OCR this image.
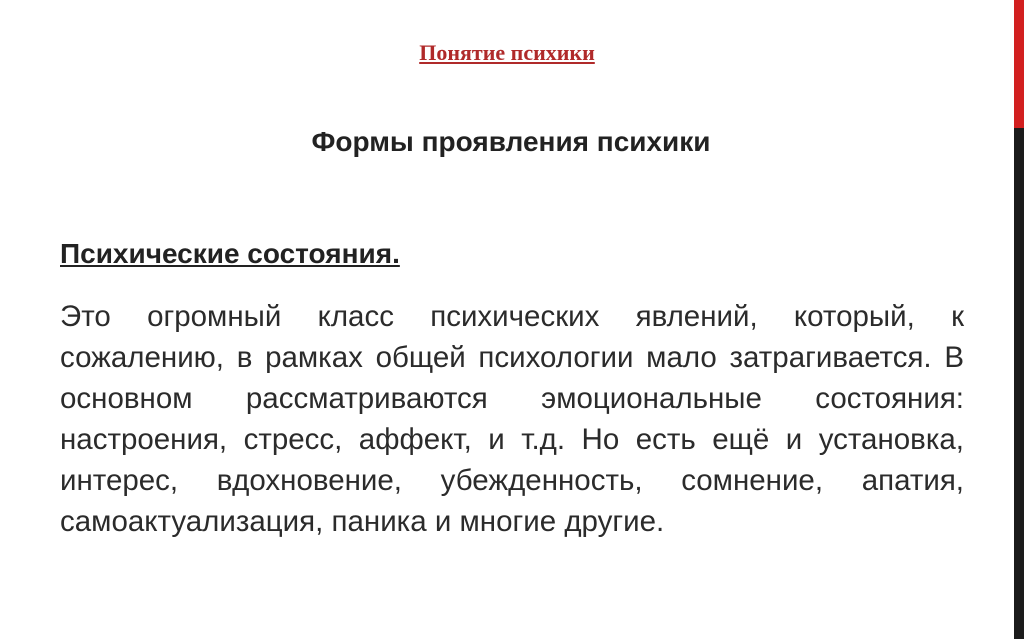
Понятие психики
Формы проявления психики
Психические состояния.
Это огромный класс психических явлений, который, к сожалению, в рамках общей психологии мало затрагивается. В основном рассматриваются эмоциональные состояния: настроения, стресс, аффект, и т.д. Но есть ещё и установка, интерес, вдохновение, убежденность, сомнение, апатия, самоактуализация, паника и многие другие.
